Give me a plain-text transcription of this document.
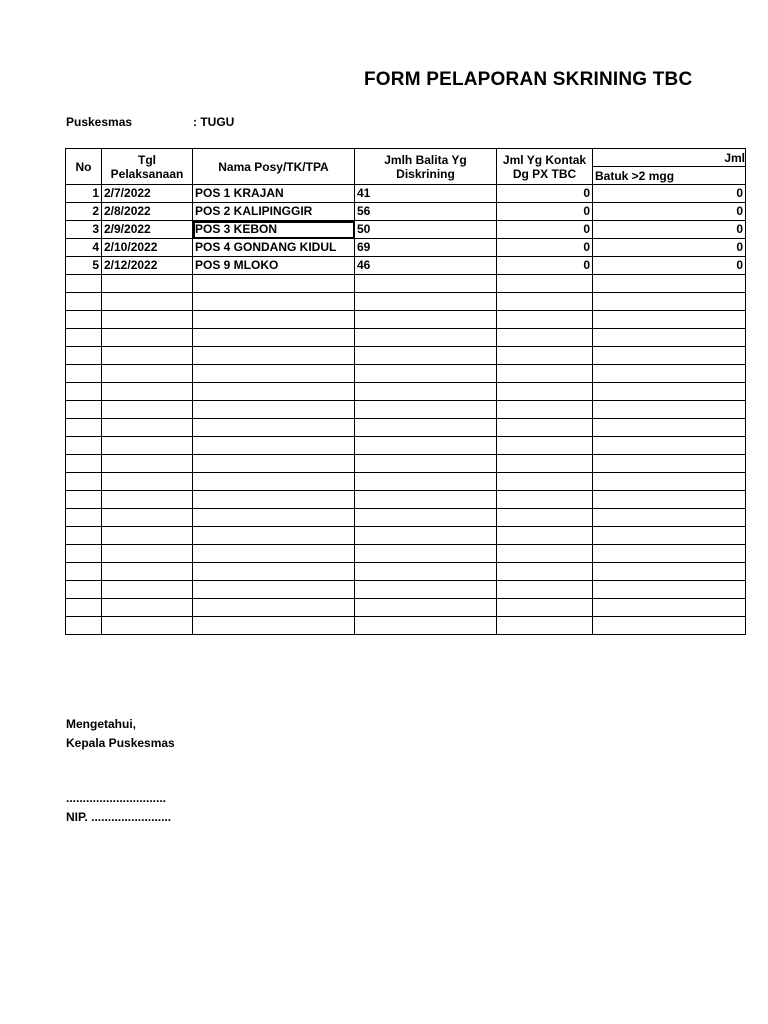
FORM PELAPORAN SKRINING TBC
Puskesmas	: TUGU
No	Tgl Pelaksanaan	Nama Posy/TK/TPA	Jmlh Balita Yg Diskrining	Jml Yg Kontak Dg PX TBC	Jml
					Batuk >2 mgg
1	2/7/2022	POS 1 KRAJAN	41	0	0
2	2/8/2022	POS 2 KALIPINGGIR	56	0	0
3	2/9/2022	POS 3 KEBON	50	0	0
4	2/10/2022	POS 4 GONDANG KIDUL	69	0	0
5	2/12/2022	POS 9 MLOKO	46	0	0

Mengetahui,
Kepala Puskesmas
..............................
NIP. ........................
